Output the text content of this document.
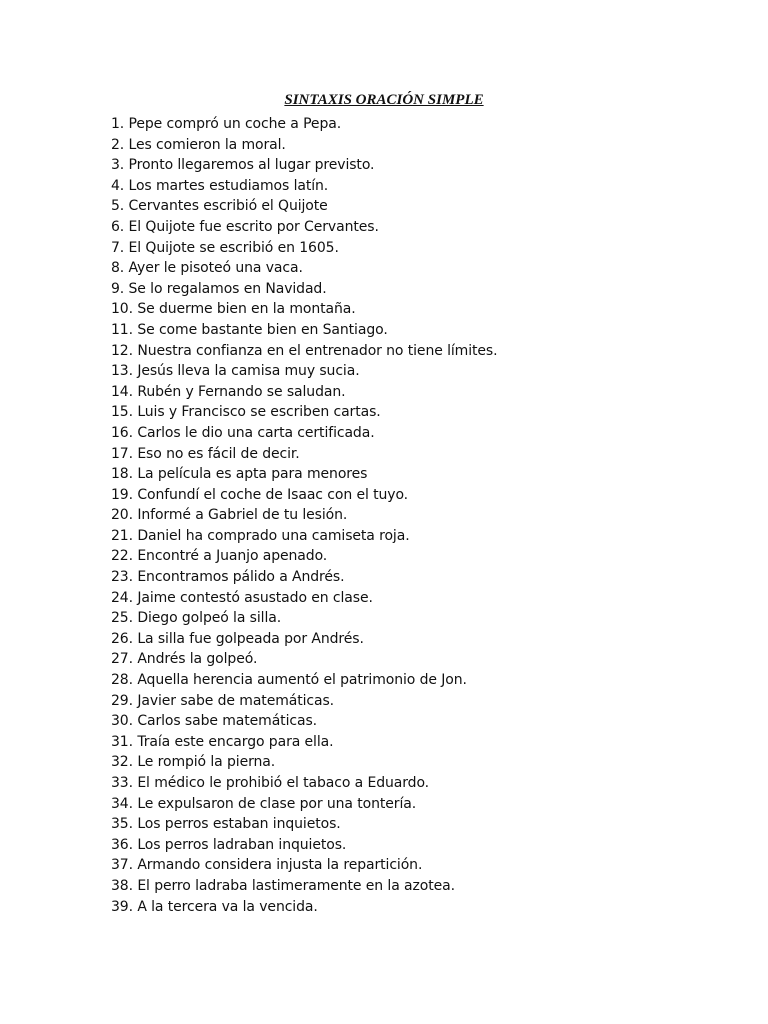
SINTAXIS ORACIÓN SIMPLE
1. Pepe compró un coche a Pepa.
2. Les comieron la moral.
3. Pronto llegaremos al lugar previsto.
4. Los martes estudiamos latín.
5. Cervantes escribió el Quijote
6. El Quijote fue escrito por Cervantes.
7. El Quijote se escribió en 1605.
8. Ayer le pisoteó una vaca.
9. Se lo regalamos en Navidad.
10. Se duerme bien en la montaña.
11. Se come bastante bien en Santiago.
12. Nuestra confianza en el entrenador no tiene límites.
13. Jesús lleva la camisa muy sucia.
14. Rubén y Fernando se saludan.
15. Luis y Francisco se escriben cartas.
16. Carlos le dio una carta certificada.
17. Eso no es fácil de decir.
18. La película es apta para menores
19. Confundí el coche de Isaac con el tuyo.
20. Informé a Gabriel de tu lesión.
21. Daniel ha comprado una camiseta roja.
22. Encontré a Juanjo apenado.
23. Encontramos pálido a Andrés.
24. Jaime contestó asustado en clase.
25. Diego golpeó la silla.
26. La silla fue golpeada por Andrés.
27. Andrés la golpeó.
28. Aquella herencia aumentó el patrimonio de Jon.
29. Javier sabe de matemáticas.
30. Carlos sabe matemáticas.
31. Traía este encargo para ella.
32. Le rompió la pierna.
33. El médico le prohibió el tabaco a Eduardo.
34. Le expulsaron de clase por una tontería.
35. Los perros estaban inquietos.
36. Los perros ladraban inquietos.
37. Armando considera injusta la repartición.
38. El perro ladraba lastimeramente en la azotea.
39. A la tercera va la vencida.
